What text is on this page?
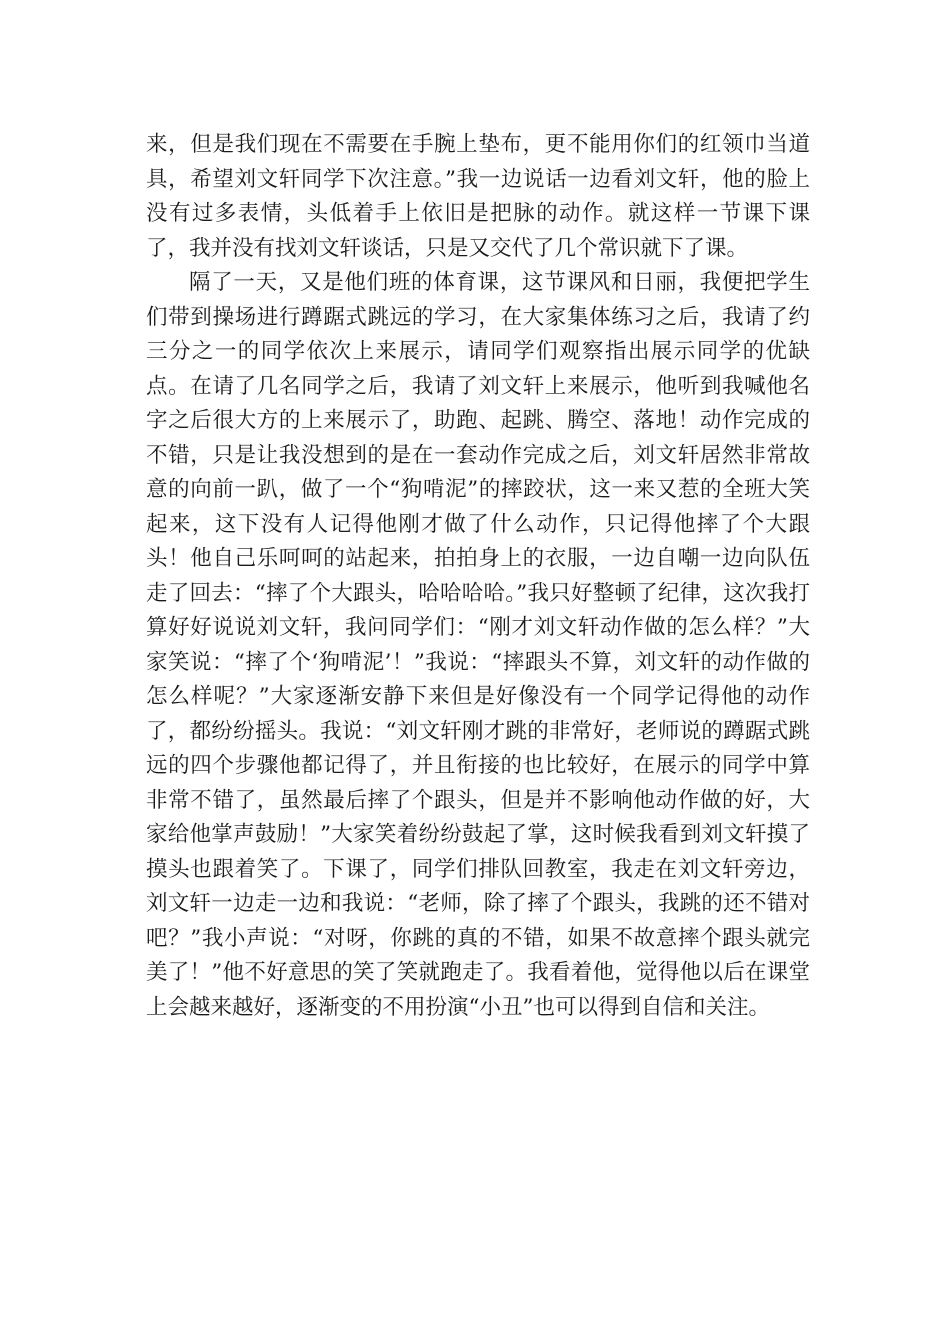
来，但是我们现在不需要在手腕上垫布，更不能用你们的红领巾当道具，希望刘文轩同学下次注意。”我一边说话一边看刘文轩，他的脸上没有过多表情，头低着手上依旧是把脉的动作。就这样一节课下课了，我并没有找刘文轩谈话，只是又交代了几个常识就下了课。

隔了一天，又是他们班的体育课，这节课风和日丽，我便把学生们带到操场进行蹲踞式跳远的学习，在大家集体练习之后，我请了约三分之一的同学依次上来展示，请同学们观察指出展示同学的优缺点。在请了几名同学之后，我请了刘文轩上来展示，他听到我喊他名字之后很大方的上来展示了，助跑、起跳、腾空、落地！动作完成的不错，只是让我没想到的是在一套动作完成之后，刘文轩居然非常故意的向前一趴，做了一个“狗啃泥”的摔跤状，这一来又惹的全班大笑起来，这下没有人记得他刚才做了什么动作，只记得他摔了个大跟头！他自己乐呵呵的站起来，拍拍身上的衣服，一边自嘲一边向队伍走了回去：“摔了个大跟头，哈哈哈哈。”我只好整顿了纪律，这次我打算好好说说刘文轩，我问同学们：“刚才刘文轩动作做的怎么样？”大家笑说：“摔了个‘狗啃泥’！”我说：“摔跟头不算，刘文轩的动作做的怎么样呢？”大家逐渐安静下来但是好像没有一个同学记得他的动作了，都纷纷摇头。我说：“刘文轩刚才跳的非常好，老师说的蹲踞式跳远的四个步骤他都记得了，并且衔接的也比较好，在展示的同学中算非常不错了，虽然最后摔了个跟头，但是并不影响他动作做的好，大家给他掌声鼓励！”大家笑着纷纷鼓起了掌，这时候我看到刘文轩摸了摸头也跟着笑了。下课了，同学们排队回教室，我走在刘文轩旁边，刘文轩一边走一边和我说：“老师，除了摔了个跟头，我跳的还不错对吧？”我小声说：“对呀，你跳的真的不错，如果不故意摔个跟头就完美了！”他不好意思的笑了笑就跑走了。我看着他，觉得他以后在课堂上会越来越好，逐渐变的不用扮演“小丑”也可以得到自信和关注。
